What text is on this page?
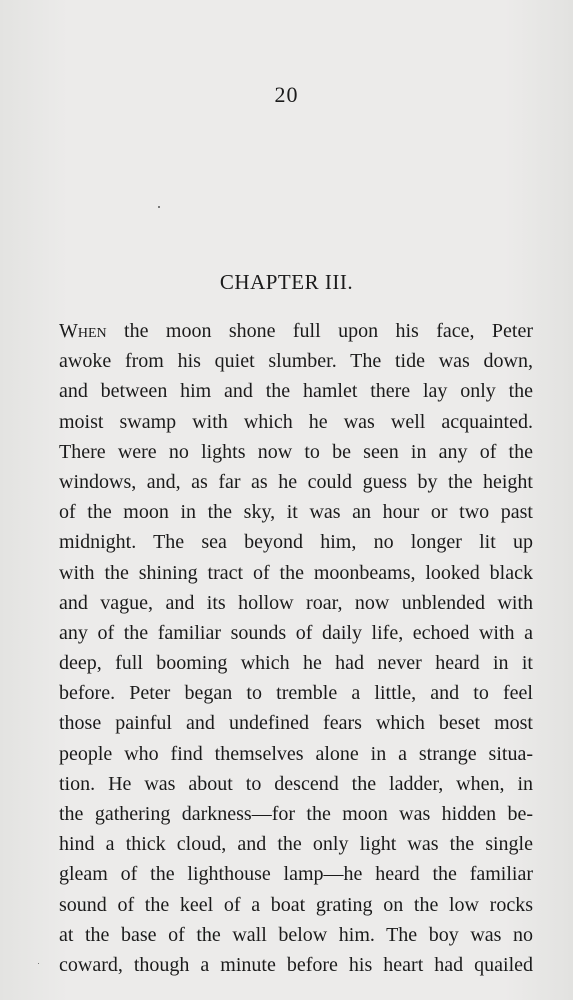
20
CHAPTER III.
When the moon shone full upon his face, Peter
awoke from his quiet slumber. The tide was down,
and between him and the hamlet there lay only the
moist swamp with which he was well acquainted.
There were no lights now to be seen in any of the
windows, and, as far as he could guess by the height
of the moon in the sky, it was an hour or two past
midnight. The sea beyond him, no longer lit up
with the shining tract of the moonbeams, looked black
and vague, and its hollow roar, now unblended with
any of the familiar sounds of daily life, echoed with a
deep, full booming which he had never heard in it
before. Peter began to tremble a little, and to feel
those painful and undefined fears which beset most
people who find themselves alone in a strange situa-
tion. He was about to descend the ladder, when, in
the gathering darkness—for the moon was hidden be-
hind a thick cloud, and the only light was the single
gleam of the lighthouse lamp—he heard the familiar
sound of the keel of a boat grating on the low rocks
at the base of the wall below him. The boy was no
coward, though a minute before his heart had quailed
